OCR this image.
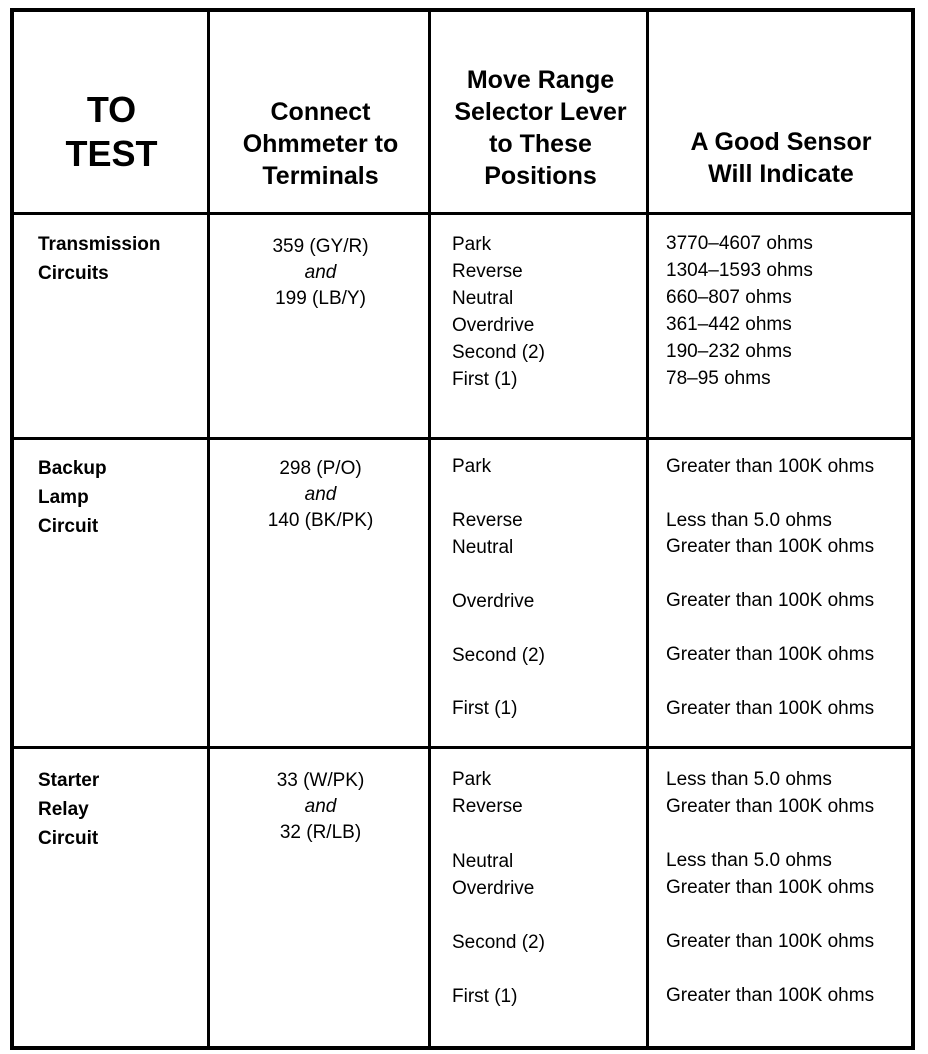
TO
TEST
Connect
Ohmmeter to
Terminals
Move Range
Selector Lever
to These
Positions
A Good Sensor
Will Indicate
Transmission
Circuits
359 (GY/R)
and
199 (LB/Y)
Park
Reverse
Neutral
Overdrive
Second (2)
First (1)
3770–4607 ohms
1304–1593 ohms
660–807 ohms
361–442 ohms
190–232 ohms
78–95 ohms
Backup
Lamp
Circuit
298 (P/O)
and
140 (BK/PK)
Park
Reverse
Neutral
Overdrive
Second (2)
First (1)
Greater than 100K ohms
Less than 5.0 ohms
Greater than 100K ohms
Greater than 100K ohms
Greater than 100K ohms
Greater than 100K ohms
Starter
Relay
Circuit
33 (W/PK)
and
32 (R/LB)
Park
Reverse
Neutral
Overdrive
Second (2)
First (1)
Less than 5.0 ohms
Greater than 100K ohms
Less than 5.0 ohms
Greater than 100K ohms
Greater than 100K ohms
Greater than 100K ohms
